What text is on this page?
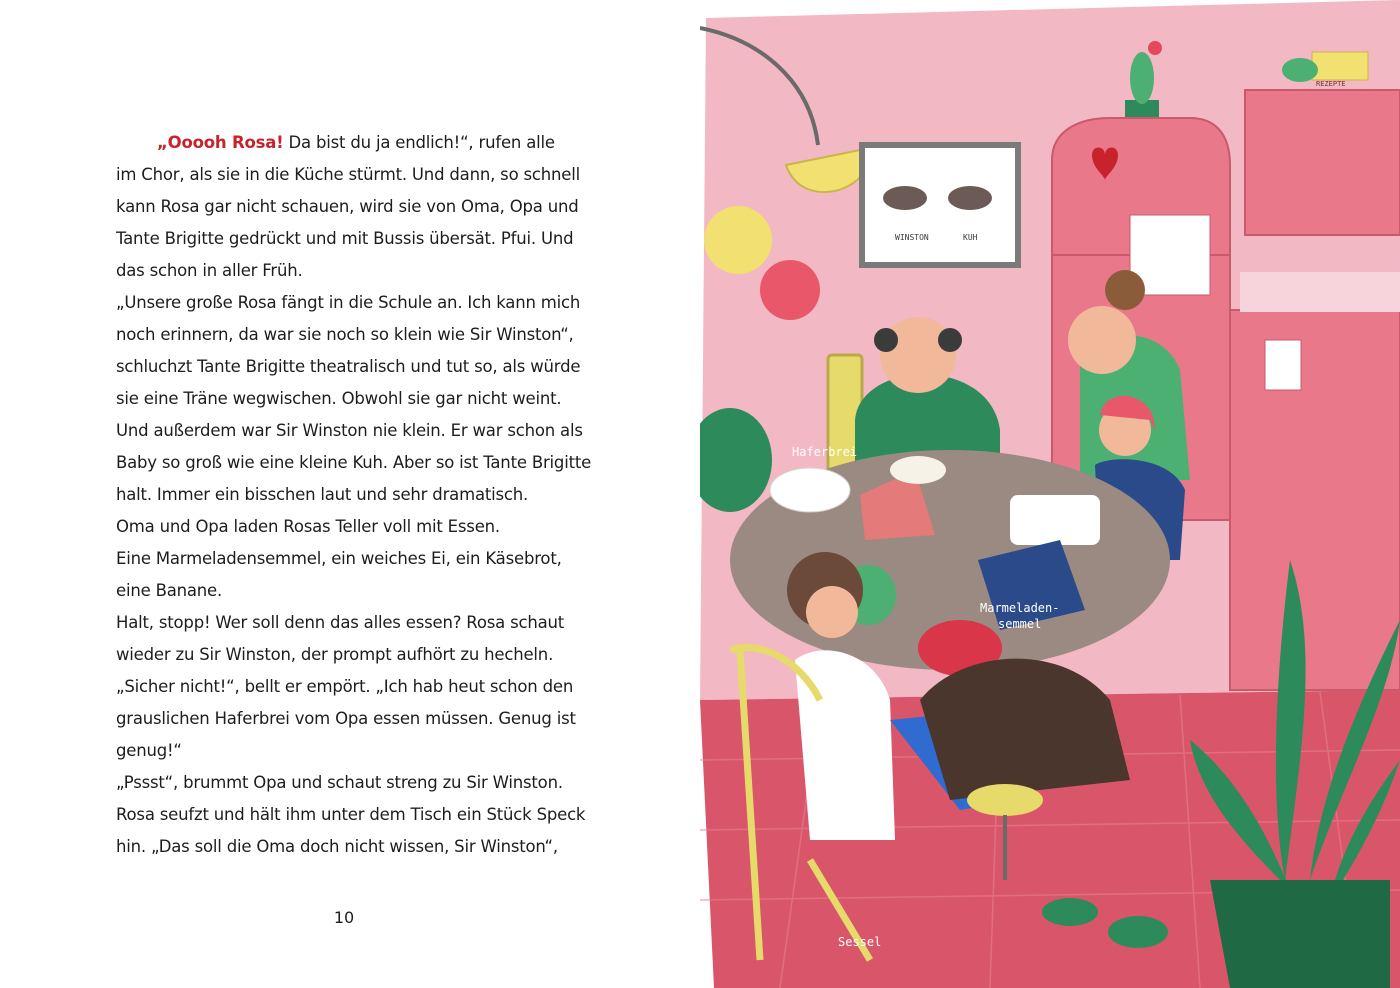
„Ooooh Rosa! Da bist du ja endlich!“, rufen alle
im Chor, als sie in die Küche stürmt. Und dann, so schnell
kann Rosa gar nicht schauen, wird sie von Oma, Opa und
Tante Brigitte gedrückt und mit Bussis übersät. Pfui. Und
das schon in aller Früh.
„Unsere große Rosa fängt in die Schule an. Ich kann mich
noch erinnern, da war sie noch so klein wie Sir Winston“,
schluchzt Tante Brigitte theatralisch und tut so, als würde
sie eine Träne wegwischen. Obwohl sie gar nicht weint.
Und außerdem war Sir Winston nie klein. Er war schon als
Baby so groß wie eine kleine Kuh. Aber so ist Tante Brigitte
halt. Immer ein bisschen laut und sehr dramatisch.
Oma und Opa laden Rosas Teller voll mit Essen.
Eine Marmeladensemmel, ein weiches Ei, ein Käsebrot,
eine Banane.
Halt, stopp! Wer soll denn das alles essen? Rosa schaut
wieder zu Sir Winston, der prompt aufhört zu hecheln.
„Sicher nicht!“, bellt er empört. „Ich hab heut schon den
grauslichen Haferbrei vom Opa essen müssen. Genug ist
genug!“
„Pssst“, brummt Opa und schaut streng zu Sir Winston.
Rosa seufzt und hält ihm unter dem Tisch ein Stück Speck
hin. „Das soll die Oma doch nicht wissen, Sir Winston“,
10
WINSTON	KUH
REZEPTE
Haferbrei
Marmeladen-
semmel
Sessel
